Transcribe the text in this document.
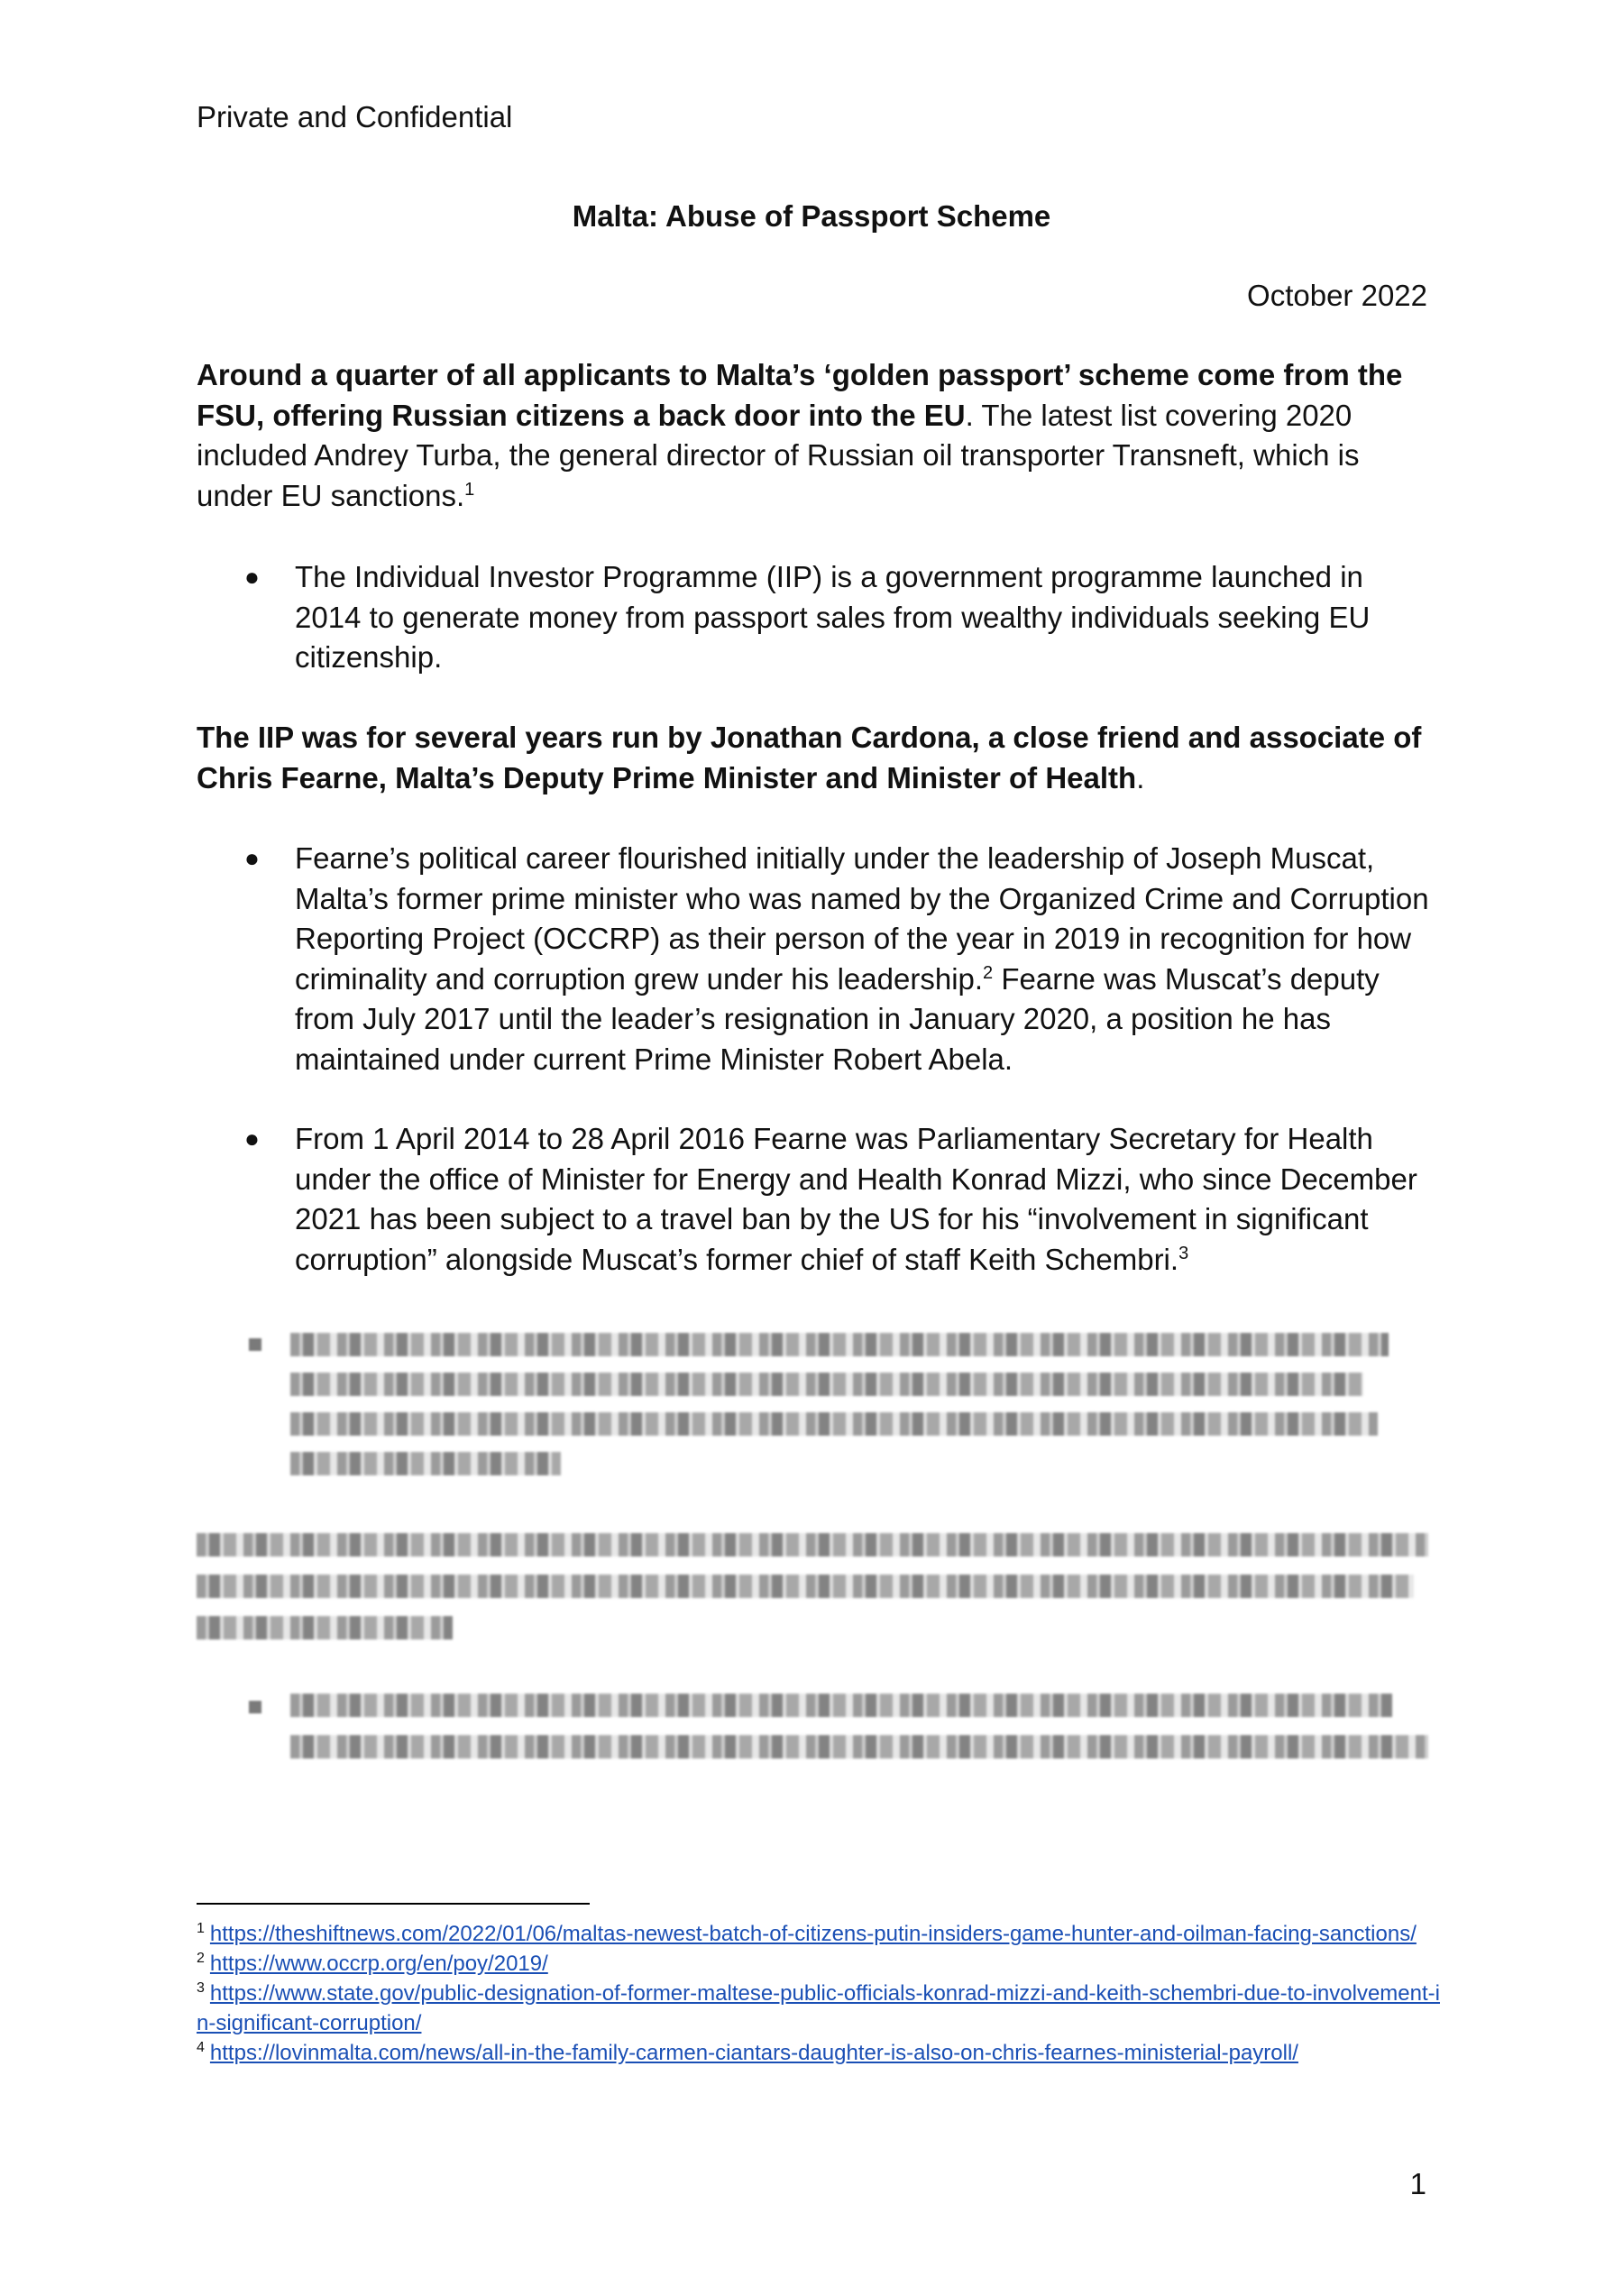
Private and Confidential
Malta: Abuse of Passport Scheme
October 2022
Around a quarter of all applicants to Malta’s ‘golden passport’ scheme come from the FSU, offering Russian citizens a back door into the EU. The latest list covering 2020 included Andrey Turba, the general director of Russian oil transporter Transneft, which is under EU sanctions.$^1$
● The Individual Investor Programme (IIP) is a government programme launched in 2014 to generate money from passport sales from wealthy individuals seeking EU citizenship.
The IIP was for several years run by Jonathan Cardona, a close friend and associate of Chris Fearne, Malta’s Deputy Prime Minister and Minister of Health.
● Fearne’s political career flourished initially under the leadership of Joseph Muscat, Malta’s former prime minister who was named by the Organized Crime and Corruption Reporting Project (OCCRP) as their person of the year in 2019 in recognition for how criminality and corruption grew under his leadership.$^2$ Fearne was Muscat’s deputy from July 2017 until the leader’s resignation in January 2020, a position he has maintained under current Prime Minister Robert Abela.
● From 1 April 2014 to 28 April 2016 Fearne was Parliamentary Secretary for Health under the office of Minister for Energy and Health Konrad Mizzi, who since December 2021 has been subject to a travel ban by the US for his “involvement in significant corruption” alongside Muscat’s former chief of staff Keith Schembri.$^3$
$^1$ https://theshiftnews.com/2022/01/06/maltas-newest-batch-of-citizens-putin-insiders-game-hunter-and-oilman-facing-sanctions/
$^2$ https://www.occrp.org/en/poy/2019/
$^3$ https://www.state.gov/public-designation-of-former-maltese-public-officials-konrad-mizzi-and-keith-schembri-due-to-involvement-in-significant-corruption/
$^4$ https://lovinmalta.com/news/all-in-the-family-carmen-ciantars-daughter-is-also-on-chris-fearnes-ministerial-payroll/
1
